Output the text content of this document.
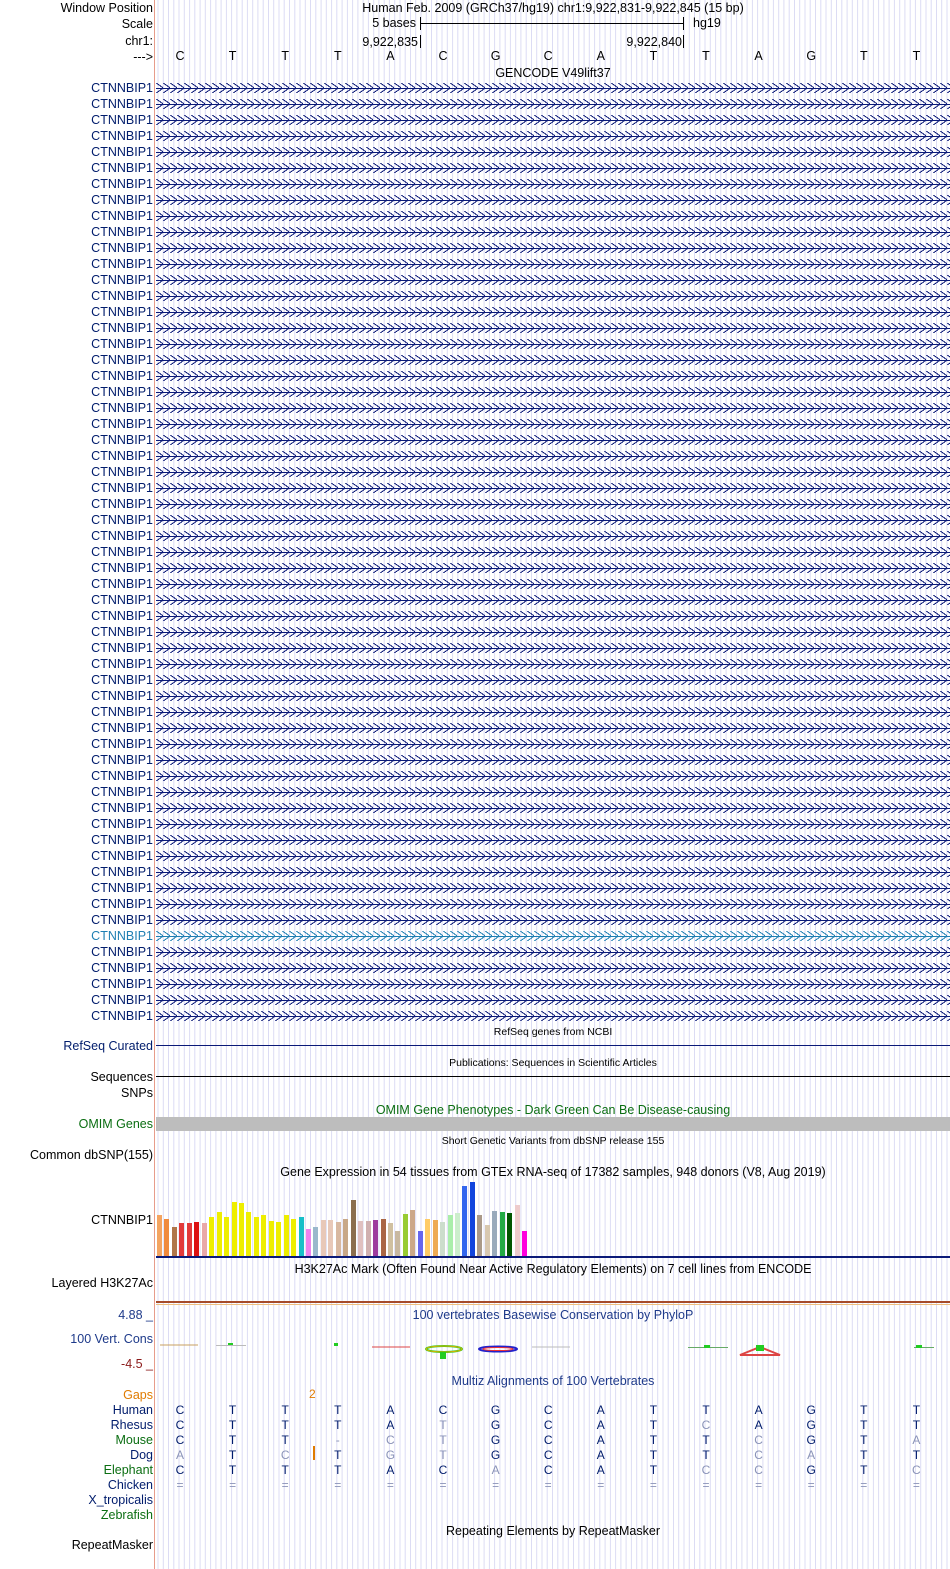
Window Position
Scale
chr1:
--->
Human Feb. 2009 (GRCh37/hg19) chr1:9,922,831-9,922,845 (15 bp)
5 bases	hg19
9,922,835	9,922,840
C	T	T	T	A	C	G	C	A	T	T	A	G	T	T
GENCODE V49lift37
CTNNBIP1
CTNNBIP1
CTNNBIP1
CTNNBIP1
CTNNBIP1
CTNNBIP1
CTNNBIP1
CTNNBIP1
CTNNBIP1
CTNNBIP1
CTNNBIP1
CTNNBIP1
CTNNBIP1
CTNNBIP1
CTNNBIP1
CTNNBIP1
CTNNBIP1
CTNNBIP1
CTNNBIP1
CTNNBIP1
CTNNBIP1
CTNNBIP1
CTNNBIP1
CTNNBIP1
CTNNBIP1
CTNNBIP1
CTNNBIP1
CTNNBIP1
CTNNBIP1
CTNNBIP1
CTNNBIP1
CTNNBIP1
CTNNBIP1
CTNNBIP1
CTNNBIP1
CTNNBIP1
CTNNBIP1
CTNNBIP1
CTNNBIP1
CTNNBIP1
CTNNBIP1
CTNNBIP1
CTNNBIP1
CTNNBIP1
CTNNBIP1
CTNNBIP1
CTNNBIP1
CTNNBIP1
CTNNBIP1
CTNNBIP1
CTNNBIP1
CTNNBIP1
CTNNBIP1
CTNNBIP1
CTNNBIP1
CTNNBIP1
CTNNBIP1
CTNNBIP1
CTNNBIP1
RefSeq genes from NCBI
RefSeq Curated
Publications: Sequences in Scientific Articles
Sequences
SNPs
OMIM Gene Phenotypes - Dark Green Can Be Disease-causing
OMIM Genes
Short Genetic Variants from dbSNP release 155
Common dbSNP(155)
Gene Expression in 54 tissues from GTEx RNA-seq of 17382 samples, 948 donors (V8, Aug 2019)
CTNNBIP1
H3K27Ac Mark (Often Found Near Active Regulatory Elements) on 7 cell lines from ENCODE
Layered H3K27Ac
100 vertebrates Basewise Conservation by PhyloP
4.88 _
100 Vert. Cons
-4.5 _
Multiz Alignments of 100 Vertebrates
Gaps	2
Human	C	T	T	T	A	C	G	C	A	T	T	A	G	T	T
Rhesus	C	T	T	T	A	T	G	C	A	T	C	A	G	T	T
Mouse	C	T	T	-	C	T	G	C	A	T	T	C	G	T	A
Dog	A	T	C	T	G	T	G	C	A	T	T	C	A	T	T
Elephant	C	T	T	T	A	C	A	C	A	T	C	C	G	T	C
Chicken	=	=	=	=	=	=	=	=	=	=	=	=	=	=	=
X_tropicalis
Zebrafish
Repeating Elements by RepeatMasker
RepeatMasker
